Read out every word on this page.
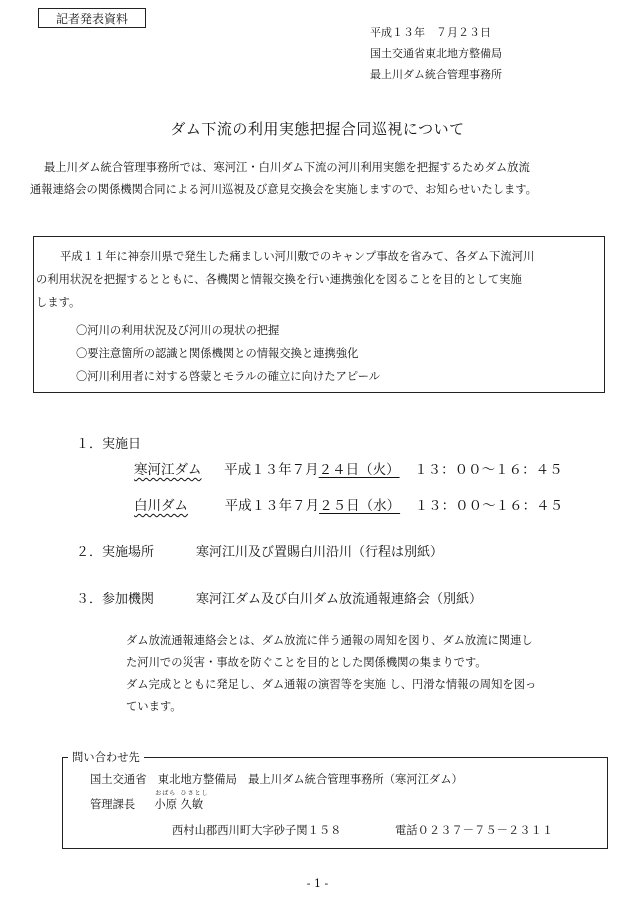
記者発表資料
平成１３年　７月２３日
国土交通省東北地方整備局
最上川ダム統合管理事務所
ダム下流の利用実態把握合同巡視について
最上川ダム統合管理事務所では、寒河江・白川ダム下流の河川利用実態を把握するためダム放流
通報連絡会の関係機関合同による河川巡視及び意見交換会を実施しますので、お知らせいたします。
平成１１年に神奈川県で発生した痛ましい河川敷でのキャンプ事故を省みて、各ダム下流河川
の利用状況を把握するとともに、各機関と情報交換を行い連携強化を図ることを目的として実施
します。
〇河川の利用状況及び河川の現状の把握
〇要注意箇所の認識と関係機関との情報交換と連携強化
〇河川利用者に対する啓蒙とモラルの確立に向けたアピール
１．実施日
寒河江ダム 平成１３年７月２４日（火） １３：００～１６：４５
白川ダム	平成１３年７月２５日（水） １３：００～１６：４５
２．実施場所	寒河江川及び置賜白川沿川（行程は別紙）
３．参加機関	寒河江ダム及び白川ダム放流通報連絡会（別紙）
ダム放流通報連絡会とは、ダム放流に伴う通報の周知を図り、ダム放流に関連し
た河川での災害・事故を防ぐことを目的とした関係機関の集まりです。
ダム完成とともに発足し、ダム通報の演習等を実施 し、円滑な情報の周知を図っ
ています。
問い合わせ先
国土交通省　東北地方整備局　最上川ダム統合管理事務所（寒河江ダム）
管理課長
おばら
小原
ひさとし
久敏
西村山郡西川町大字砂子関１５８	電話０２３７－７５－２３１１
- 1 -
